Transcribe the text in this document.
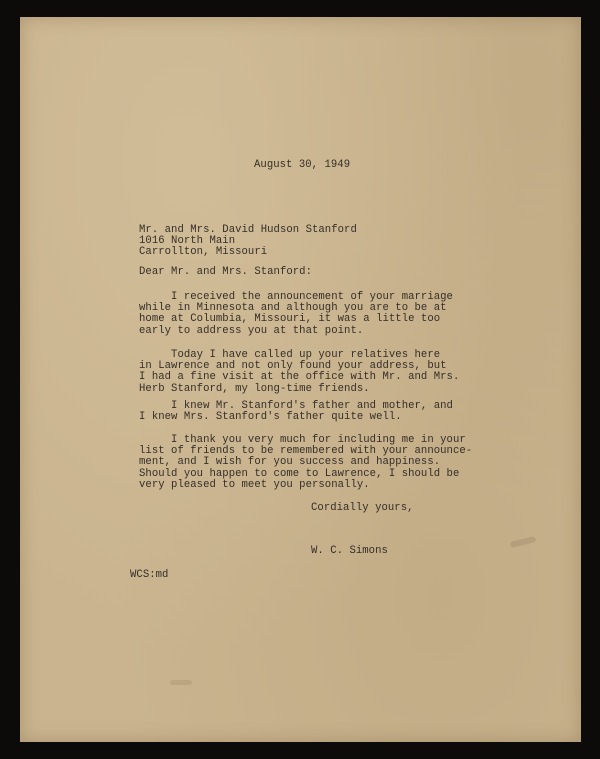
August 30, 1949
Mr. and Mrs. David Hudson Stanford
1016 North Main
Carrollton, Missouri
Dear Mr. and Mrs. Stanford:
I received the announcement of your marriage
while in Minnesota and although you are to be at
home at Columbia, Missouri, it was a little too
early to address you at that point.
Today I have called up your relatives here
in Lawrence and not only found your address, but
I had a fine visit at the office with Mr. and Mrs.
Herb Stanford, my long-time friends.
I knew Mr. Stanford's father and mother, and
I knew Mrs. Stanford's father quite well.
I thank you very much for including me in your
list of friends to be remembered with your announce-
ment, and I wish for you success and happiness.
Should you happen to come to Lawrence, I should be
very pleased to meet you personally.
Cordially yours,
W. C. Simons
WCS:md
